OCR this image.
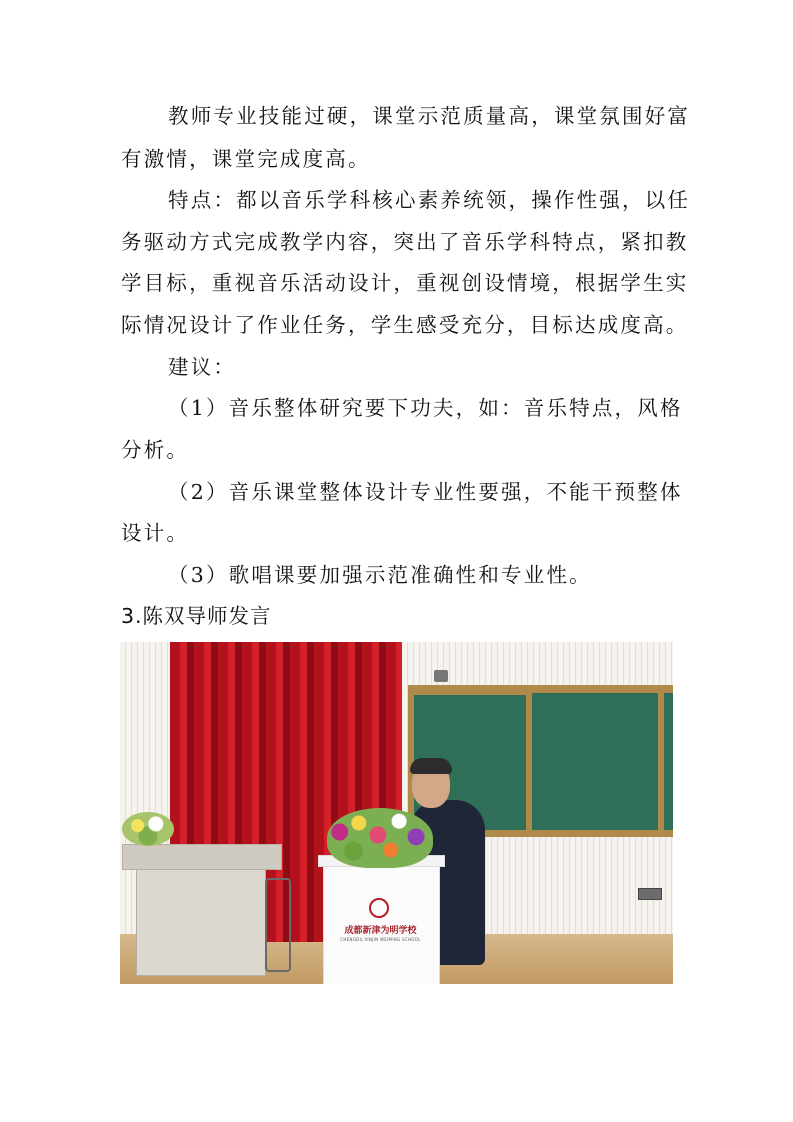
教师专业技能过硬，课堂示范质量高，课堂氛围好富
有激情，课堂完成度高。
特点：都以音乐学科核心素养统领，操作性强，以任
务驱动方式完成教学内容，突出了音乐学科特点，紧扣教
学目标，重视音乐活动设计，重视创设情境，根据学生实
际情况设计了作业任务，学生感受充分，目标达成度高。
建议：
（1）音乐整体研究要下功夫，如：音乐特点，风格
分析。
（2）音乐课堂整体设计专业性要强，不能干预整体
设计。
（3）歌唱课要加强示范准确性和专业性。
3.陈双导师发言
成都新津为明学校
CHENGDU XINJIN WEIMING SCHOOL
